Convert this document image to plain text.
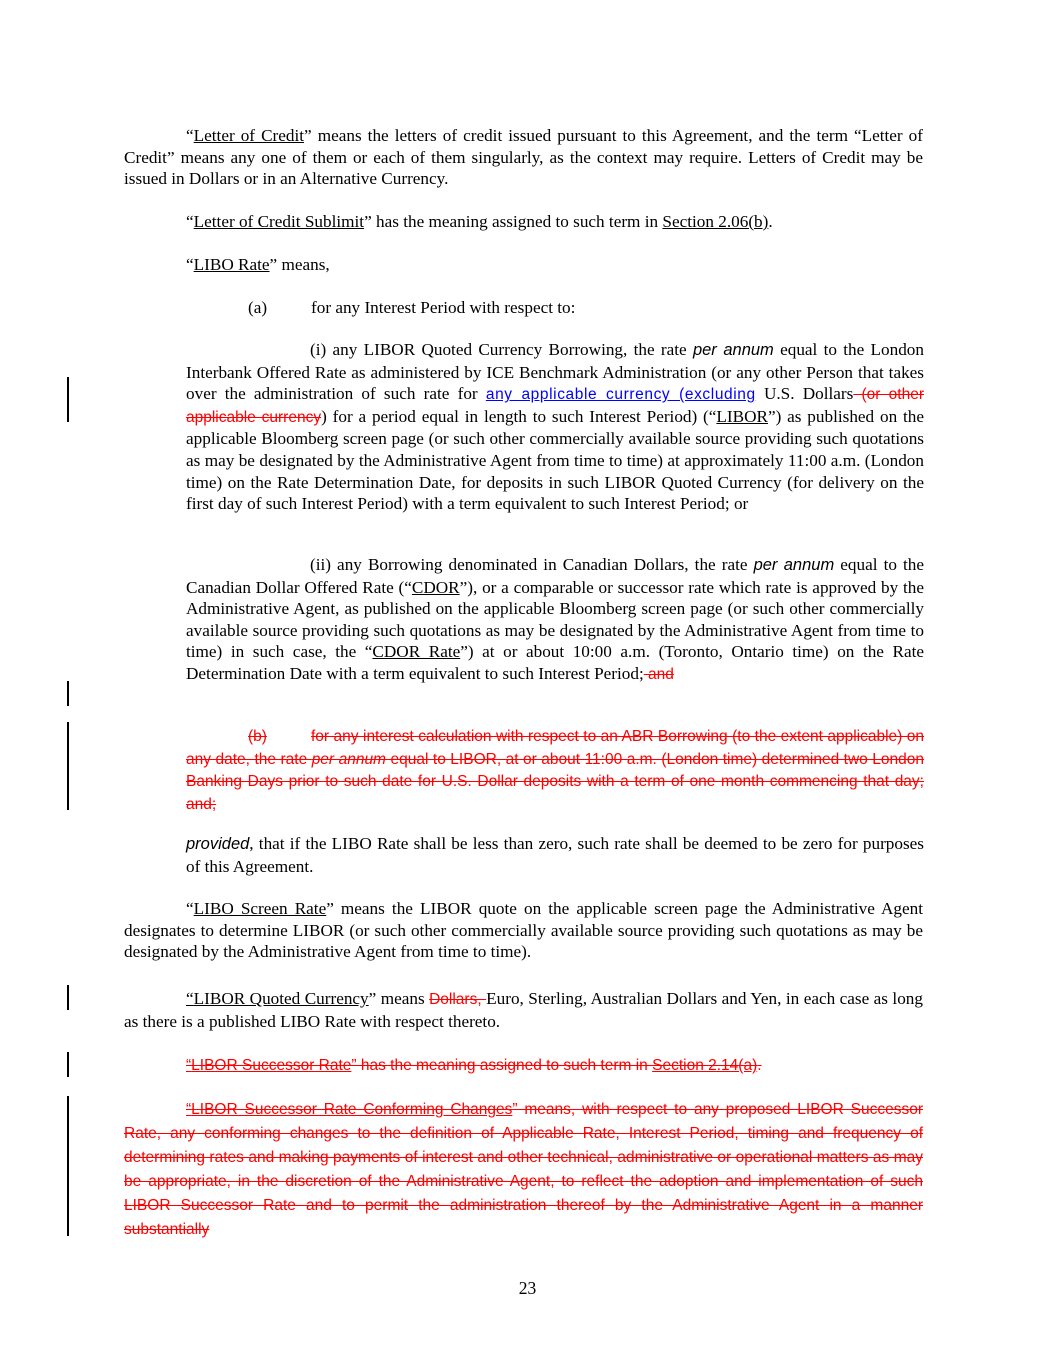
“Letter of Credit” means the letters of credit issued pursuant to this Agreement, and the term “Letter of Credit” means any one of them or each of them singularly, as the context may require. Letters of Credit may be issued in Dollars or in an Alternative Currency.

“Letter of Credit Sublimit” has the meaning assigned to such term in Section 2.06(b).

“LIBO Rate” means,

(a)	for any Interest Period with respect to:

(i) any LIBOR Quoted Currency Borrowing, the rate per annum equal to the London Interbank Offered Rate as administered by ICE Benchmark Administration (or any other Person that takes over the administration of such rate for any applicable currency (excluding U.S. Dollars (or other applicable currency) for a period equal in length to such Interest Period) (“LIBOR”) as published on the applicable Bloomberg screen page (or such other commercially available source providing such quotations as may be designated by the Administrative Agent from time to time) at approximately 11:00 a.m. (London time) on the Rate Determination Date, for deposits in such LIBOR Quoted Currency (for delivery on the first day of such Interest Period) with a term equivalent to such Interest Period; or

(ii) any Borrowing denominated in Canadian Dollars, the rate per annum equal to the Canadian Dollar Offered Rate (“CDOR”), or a comparable or successor rate which rate is approved by the Administrative Agent, as published on the applicable Bloomberg screen page (or such other commercially available source providing such quotations as may be designated by the Administrative Agent from time to time) in such case, the “CDOR Rate”) at or about 10:00 a.m. (Toronto, Ontario time) on the Rate Determination Date with a term equivalent to such Interest Period; and

(b)	for any interest calculation with respect to an ABR Borrowing (to the extent applicable) on any date, the rate per annum equal to LIBOR, at or about 11:00 a.m. (London time) determined two London Banking Days prior to such date for U.S. Dollar deposits with a term of one month commencing that day; and;

provided, that if the LIBO Rate shall be less than zero, such rate shall be deemed to be zero for purposes of this Agreement.

“LIBO Screen Rate” means the LIBOR quote on the applicable screen page the Administrative Agent designates to determine LIBOR (or such other commercially available source providing such quotations as may be designated by the Administrative Agent from time to time).

“LIBOR Quoted Currency” means Dollars, Euro, Sterling, Australian Dollars and Yen, in each case as long as there is a published LIBO Rate with respect thereto.

“LIBOR Successor Rate” has the meaning assigned to such term in Section 2.14(a).

“LIBOR Successor Rate Conforming Changes” means, with respect to any proposed LIBOR Successor Rate, any conforming changes to the definition of Applicable Rate, Interest Period, timing and frequency of determining rates and making payments of interest and other technical, administrative or operational matters as may be appropriate, in the discretion of the Administrative Agent, to reflect the adoption and implementation of such LIBOR Successor Rate and to permit the administration thereof by the Administrative Agent in a manner substantially

23
